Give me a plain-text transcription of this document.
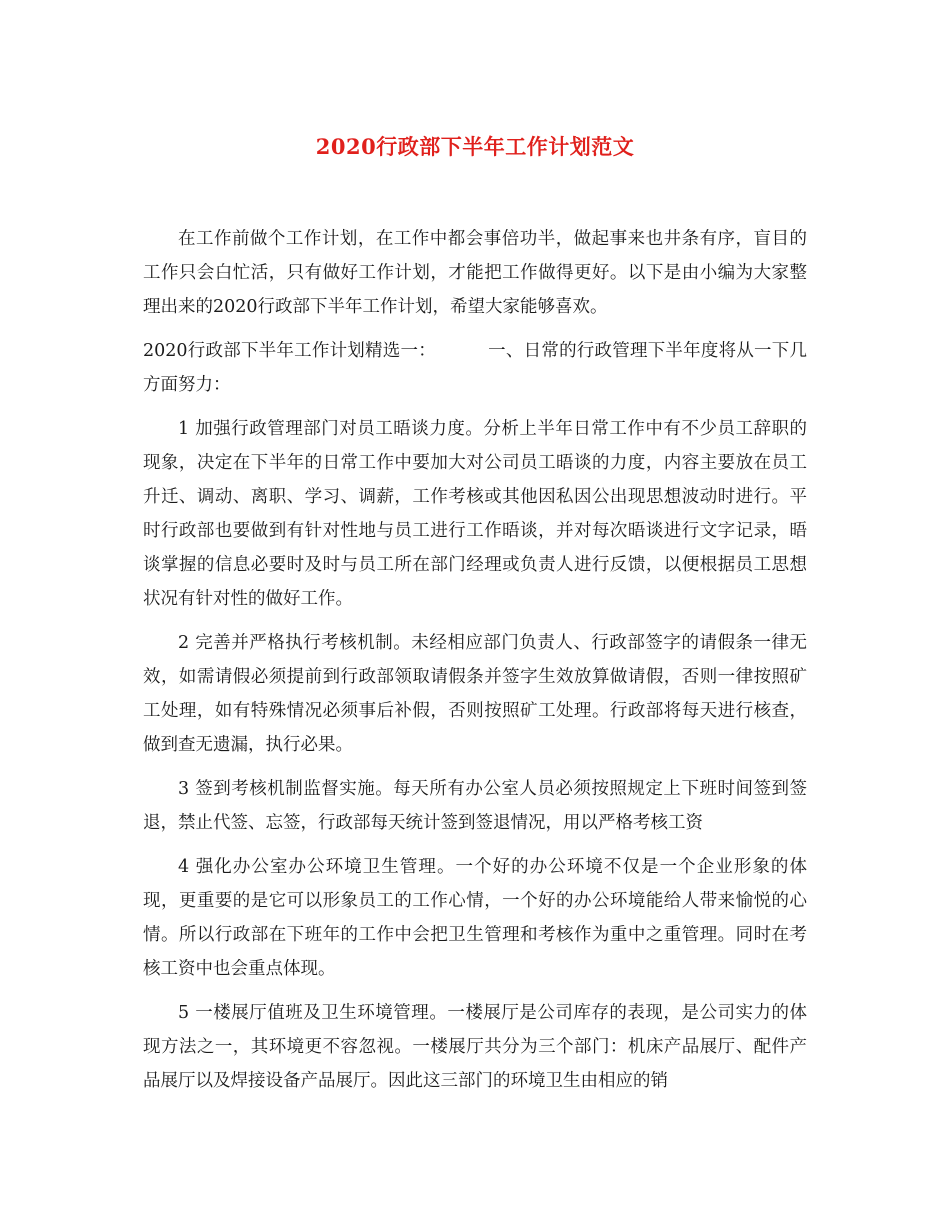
2020行政部下半年工作计划范文

在工作前做个工作计划，在工作中都会事倍功半，做起事来也井条有序，盲目的工作只会白忙活，只有做好工作计划，才能把工作做得更好。以下是由小编为大家整理出来的2020行政部下半年工作计划，希望大家能够喜欢。

2020行政部下半年工作计划精选一：	一、日常的行政管理下半年度将从一下几方面努力：

1 加强行政管理部门对员工晤谈力度。分析上半年日常工作中有不少员工辞职的现象，决定在下半年的日常工作中要加大对公司员工晤谈的力度，内容主要放在员工升迁、调动、离职、学习、调薪，工作考核或其他因私因公出现思想波动时进行。平时行政部也要做到有针对性地与员工进行工作晤谈，并对每次晤谈进行文字记录，晤谈掌握的信息必要时及时与员工所在部门经理或负责人进行反馈，以便根据员工思想状况有针对性的做好工作。

2 完善并严格执行考核机制。未经相应部门负责人、行政部签字的请假条一律无效，如需请假必须提前到行政部领取请假条并签字生效放算做请假，否则一律按照矿工处理，如有特殊情况必须事后补假，否则按照矿工处理。行政部将每天进行核查，做到查无遗漏，执行必果。

3 签到考核机制监督实施。每天所有办公室人员必须按照规定上下班时间签到签退，禁止代签、忘签，行政部每天统计签到签退情况，用以严格考核工资

4 强化办公室办公环境卫生管理。一个好的办公环境不仅是一个企业形象的体现，更重要的是它可以形象员工的工作心情，一个好的办公环境能给人带来愉悦的心情。所以行政部在下班年的工作中会把卫生管理和考核作为重中之重管理。同时在考核工资中也会重点体现。

5 一楼展厅值班及卫生环境管理。一楼展厅是公司库存的表现，是公司实力的体现方法之一，其环境更不容忽视。一楼展厅共分为三个部门：机床产品展厅、配件产品展厅以及焊接设备产品展厅。因此这三部门的环境卫生由相应的销
